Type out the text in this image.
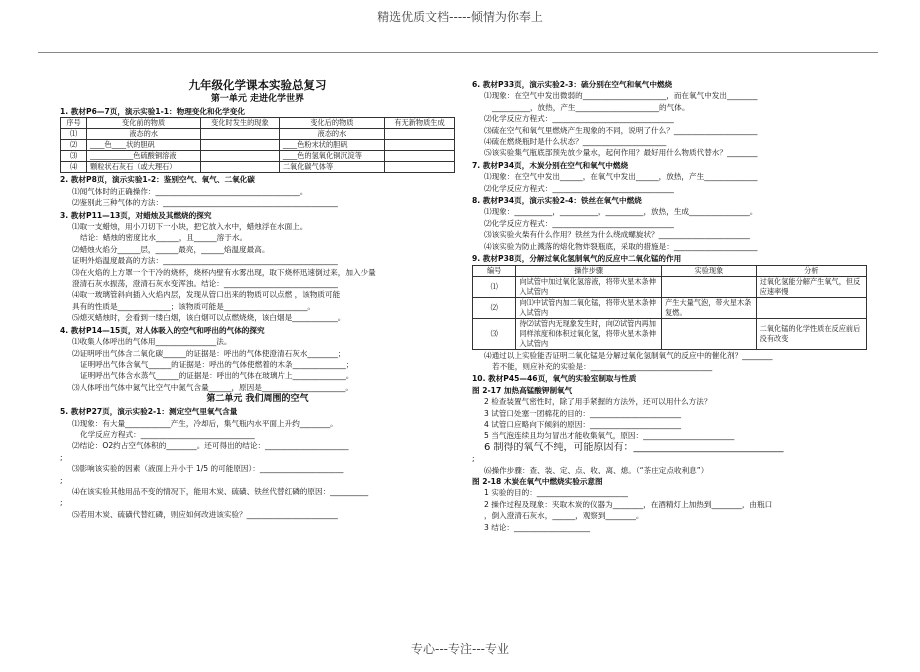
精选优质文档-----倾情为你奉上
九年级化学课本实验总复习
第一单元 走进化学世界
1. 教材P6—7页，演示实验1-1：物理变化和化学变化
序号	变化前的物质	变化时发生的现象	变化后的物质	有无新物质生成
⑴	液态的水		液态的水	
⑵	____色____状的胆矾		____色粉末状的胆矾	
⑶	____________色硫酸铜溶液		____色的氢氧化铜沉淀等	
⑷	颗粒状石灰石（或大理石）		二氧化碳气体等	
2. 教材P8页，演示实验1-2：鉴别空气、氧气、二氧化碳
⑴闻气体时的正确操作：______________________________________。
⑵鉴别此三种气体的方法：______________________________________________
3. 教材P11—13页，对蜡烛及其燃烧的探究
⑴取一支蜡烛，用小刀切下一小块，把它放入水中，蜡烛浮在水面上。
结论：蜡烛的密度比水______，且______溶于水。
⑵蜡烛火焰分______层，______最亮，______焰温度最高。
证明外焰温度最高的方法：______________________________________________
⑶在火焰的上方罩一个干冷的烧杯，烧杯内壁有水雾出现，取下烧杯迅速倒过来，加入少量
澄清石灰水振荡，澄清石灰水变浑浊。结论：______________________________
⑷取一玻璃管斜向插入火焰内层，发现从管口出来的物质可以点燃 ，该物质可能
具有的性质是______________；该物质可能是______________________。
⑸熄灭蜡烛时，会看到一缕白烟，该白烟可以点燃烧烧，该白烟是____________。
4. 教材P14—15页，对人体吸入的空气和呼出的气体的探究
⑴收集人体呼出的气体用________________法。
⑵证明呼出气体含二氧化碳______的证据是：呼出的气体使澄清石灰水________；
证明呼出气体含氧气______的证据是：呼出的气体使燃着的木条______________；
证明呼出气体含水蒸气______的证据是：呼出的气体在玻璃片上______________。
⑶人体呼出气体中氮气比空气中氮气含量______，原因是______________________。
第二单元 我们周围的空气
5. 教材P27页，演示实验2-1：测定空气里氧气含量
⑴现象：有大量____________产生，冷却后，集气瓶内水平面上升约________。
化学反应方程式：______________________________
⑵结论：O2约占空气体积的________。还可得出的结论：______________________
;
⑶影响该实验的因素（液面上升小于 1/5 的可能原因）：______________________
;
⑷在该实验其他用品不变的情况下，能用木炭、硫磺、铁丝代替红磷的原因：__________
;
⑸若用木炭、硫磺代替红磷，则应如何改进该实验？________________________
6. 教材P33页，演示实验2-3：硫分别在空气和氧气中燃烧
⑴现象：在空气中发出微弱的______________________，而在氧气中发出________
__________，放热，产生______________________的气体。
⑵化学反应方程式：________________________________
⑶硫在空气和氧气里燃烧产生现象的不同，说明了什么？______________________
⑷硫在燃烧瓶时是什么状态？______________________
⑸该实验集气瓶底部预先放少量水，起何作用？最好用什么物质代替水？________
7. 教材P34页，木炭分别在空气和氧气中燃烧
⑴现象：在空气中发出______，在氧气中发出______，放热，产生______________
⑵化学反应方程式：________________________________
8. 教材P34页，演示实验2-4：铁丝在氧气中燃烧
⑴现象：__________，__________，__________，放热，生成________________。
⑵化学反应方程式：________________________________
⑶该实验火柴有什么作用？铁丝为什么绕成螺旋状？________________________
⑷该实验为防止溅落的熔化物炸裂瓶底，采取的措施是：______________________
9. 教材P38页，分解过氧化氢制氧气的反应中二氧化锰的作用
编号	操作步骤	实验现象	分析
⑴	向试管中加过氧化氢溶液，将带火星木条伸入试管内		过氧化氢能分解产生氧气，但反应速率慢
⑵	向⑴中试管内加二氧化锰，将带火星木条伸入试管内	产生大量气泡，带火星木条复燃。	
⑶	待⑵试管内无现象发生时，向⑵试管内再加同样浓度和体积过氧化氢，将带火星木条伸入试管内		二氧化锰的化学性质在反应前后没有改变
⑷通过以上实验能否证明二氧化锰是分解过氧化氢制氧气的反应中的催化剂？________
若不能，则应补充的实验是：________________________________
10. 教材P45—46页，氧气的实验室制取与性质
图 2-17 加热高锰酸钾制氧气
2 检查装置气密性时，除了用手紧握的方法外，还可以用什么方法？
3 试管口处塞一团棉花的目的：________________________
4 试管口应略向下倾斜的原因：________________________
5 当气泡连续且均匀冒出才能收集氧气，原因：________________________
6 制得的氧气不纯，可能原因有：______________________________
;
⑹操作步骤：查、装、定、点、收、离、熄。（“茶庄定点收利息”）
图 2-18 木炭在氧气中燃烧实验示意图
1 实验的目的：________________________
2 操作过程及现象：夹取木炭的仪器为________，在酒精灯上加热到________，由瓶口
，倒入澄清石灰水，______，观察到________。
3 结论：____________________
专心---专注---专业
